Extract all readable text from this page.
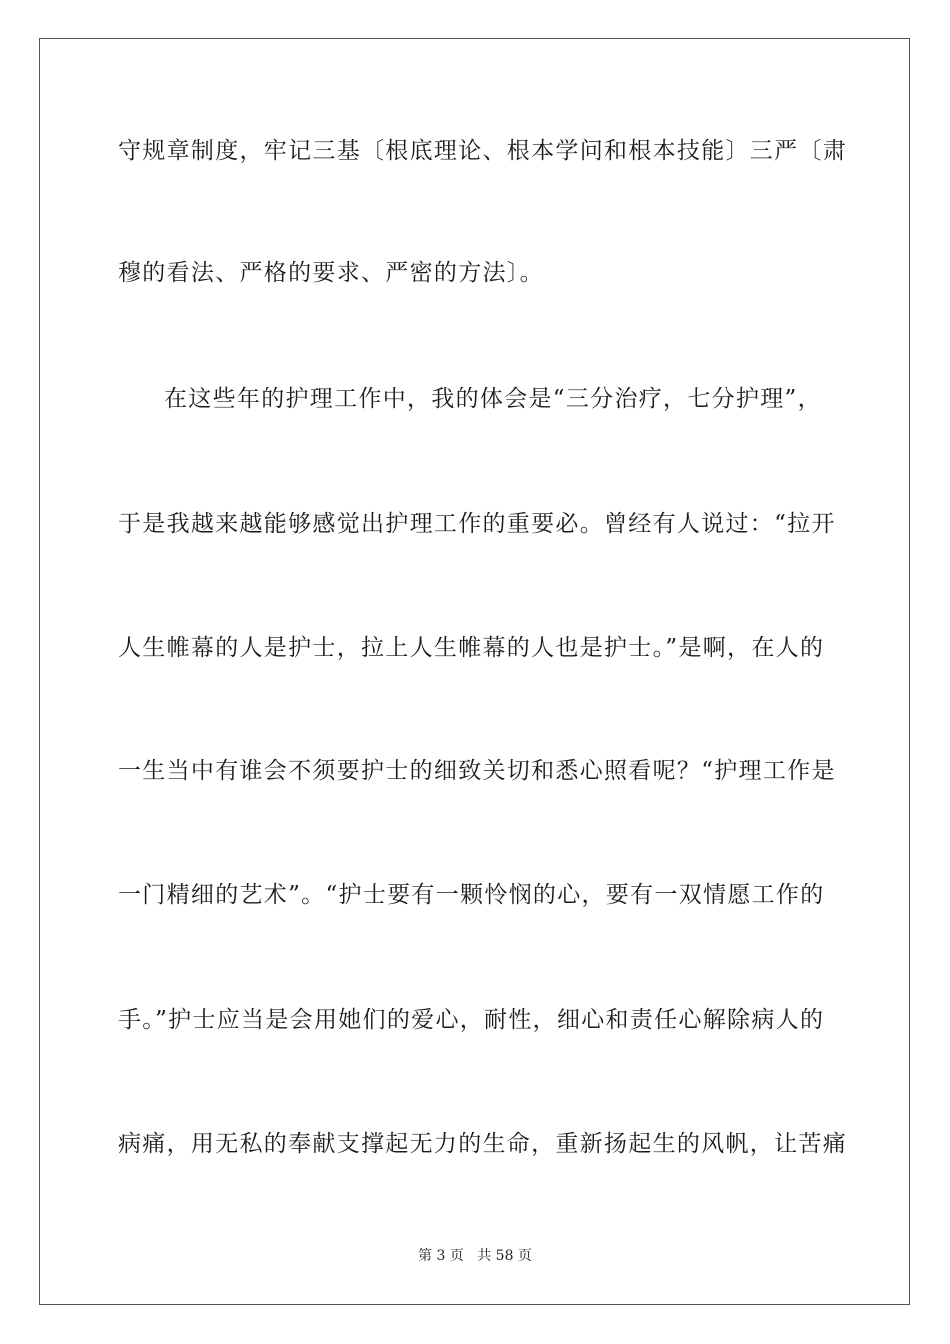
守规章制度，牢记三基〔根底理论、根本学问和根本技能〕三严〔肃
穆的看法、严格的要求、严密的方法〕。
在这些年的护理工作中，我的体会是“三分治疗，七分护理”，
于是我越来越能够感觉出护理工作的重要必。曾经有人说过：“拉开
人生帷幕的人是护士，拉上人生帷幕的人也是护士。”是啊，在人的
一生当中有谁会不须要护士的细致关切和悉心照看呢？“护理工作是
一门精细的艺术”。“护士要有一颗怜悯的心，要有一双情愿工作的
手。”护士应当是会用她们的爱心，耐性，细心和责任心解除病人的
病痛，用无私的奉献支撑起无力的生命，重新扬起生的风帆，让苦痛
第 3 页 共 58 页
